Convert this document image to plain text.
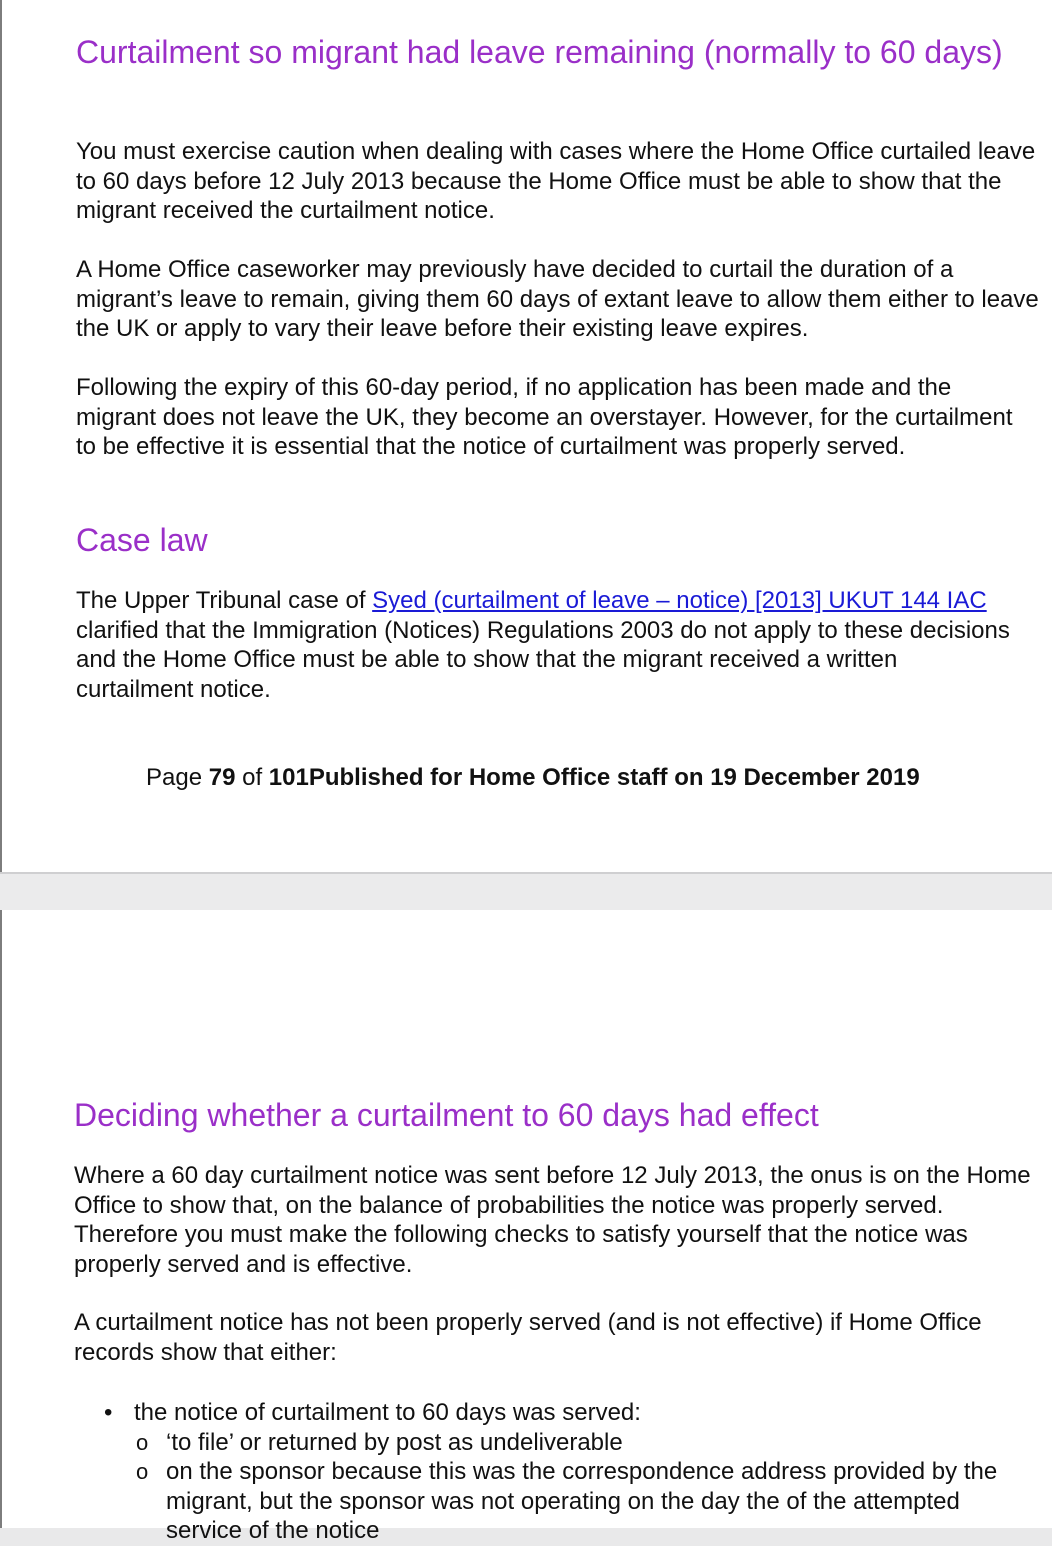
Curtailment so migrant had leave remaining (normally to 60 days)

You must exercise caution when dealing with cases where the Home Office curtailed leave to 60 days before 12 July 2013 because the Home Office must be able to show that the migrant received the curtailment notice.

A Home Office caseworker may previously have decided to curtail the duration of a migrant’s leave to remain, giving them 60 days of extant leave to allow them either to leave the UK or apply to vary their leave before their existing leave expires.

Following the expiry of this 60-day period, if no application has been made and the migrant does not leave the UK, they become an overstayer. However, for the curtailment to be effective it is essential that the notice of curtailment was properly served.

Case law

The Upper Tribunal case of Syed (curtailment of leave – notice) [2013] UKUT 144 IAC clarified that the Immigration (Notices) Regulations 2003 do not apply to these decisions and the Home Office must be able to show that the migrant received a written curtailment notice.

Page 79 of 101Published for Home Office staff on 19 December 2019

Deciding whether a curtailment to 60 days had effect

Where a 60 day curtailment notice was sent before 12 July 2013, the onus is on the Home Office to show that, on the balance of probabilities the notice was properly served. Therefore you must make the following checks to satisfy yourself that the notice was properly served and is effective.

A curtailment notice has not been properly served (and is not effective) if Home Office records show that either:

• the notice of curtailment to 60 days was served:
o ‘to file’ or returned by post as undeliverable
o on the sponsor because this was the correspondence address provided by the migrant, but the sponsor was not operating on the day the of the attempted service of the notice
